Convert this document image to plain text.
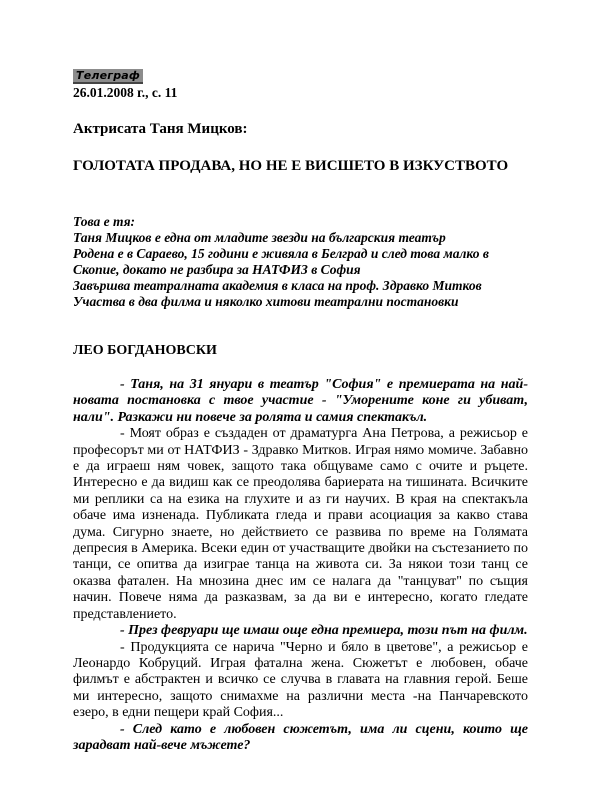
Телеграф
26.01.2008 г., с. 11
Актрисата Таня Мицков:
ГОЛОТАТА ПРОДАВА, НО НЕ Е ВИСШЕТО В ИЗКУСТВОТО
Това е тя:
Таня Мицков е една от младите звезди на българския театър
Родена е в Сараево, 15 години е живяла в Белград и след това малко в
Скопие, докато не разбира за НАТФИЗ в София
Завършва театралната академия в класа на проф. Здравко Митков
Участва в два филма и няколко хитови театрални постановки
ЛЕО БОГДАНОВСКИ

- Таня, на 31 януари в театър "София" е премиерата на най-новата постановка с твое участие - "Уморените коне ги убиват, нали". Разкажи ни повече за ролята и самия спектакъл.

- Моят образ е създаден от драматурга Ана Петрова, а режисьор е професорът ми от НАТФИЗ - Здравко Митков. Играя нямо момиче. Забавно е да играеш ням човек, защото така общуваме само с очите и ръцете. Интересно е да видиш как се преодолява бариерата на тишината. Всичките ми реплики са на езика на глухите и аз ги научих. В края на спектакъла обаче има изненада. Публиката гледа и прави асоциация за какво става дума. Сигурно знаете, но действието се развива по време на Голямата депресия в Америка. Всеки един от участващите двойки на състезанието по танци, се опитва да изиграе танца на живота си. За някои този танц се оказва фатален. На мнозина днес им се налага да "танцуват" по същия начин. Повече няма да разказвам, за да ви е интересно, когато гледате представлението.

- През февруари ще имаш още една премиера, този път на филм.

- Продукцията се нарича "Черно и бяло в цветове", а режисьор е Леонардо Кобруций. Играя фатална жена. Сюжетът е любовен, обаче филмът е абстрактен и всичко се случва в главата на главния герой. Беше ми интересно, защото снимахме на различни места -на Панчаревското езеро, в едни пещери край София...

- След като е любовен сюжетът, има ли сцени, които ще зарадват най-вече мъжете?
